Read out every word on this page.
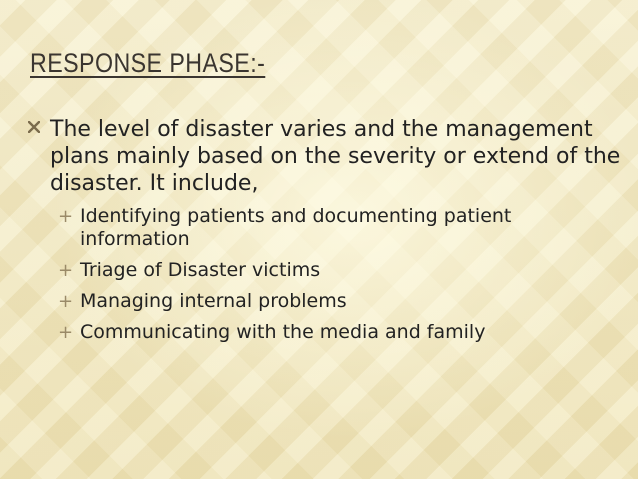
RESPONSE PHASE:-
The level of disaster varies and the management plans mainly based on the severity or extend of the disaster. It include,
+ Identifying patients and documenting patient information
+ Triage of Disaster victims
+ Managing internal problems
+ Communicating with the media and family
